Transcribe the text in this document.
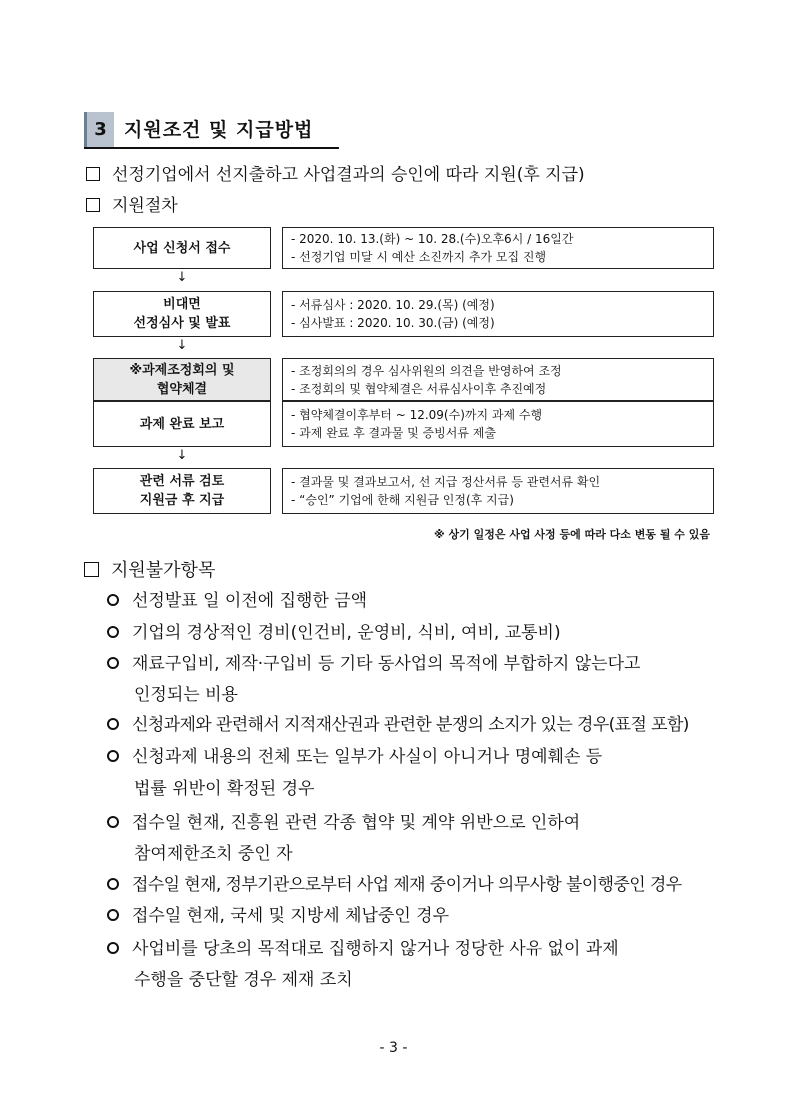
3 지원조건 및 지급방법
선정기업에서 선지출하고 사업결과의 승인에 따라 지원(후 지급)
지원절차
사업 신청서 접수
- 2020. 10. 13.(화) ~ 10. 28.(수)오후6시 / 16일간
- 선정기업 미달 시 예산 소진까지 추가 모집 진행
↓
비대면
선정심사 및 발표
- 서류심사 : 2020. 10. 29.(목) (예정)
- 심사발표 : 2020. 10. 30.(금) (예정)
↓
※과제조정회의 및
협약체결
- 조정회의의 경우 심사위원의 의견을 반영하여 조정
- 조정회의 및 협약체결은 서류심사이후 추진예정
과제 완료 보고
- 협약체결이후부터 ~ 12.09(수)까지 과제 수행
- 과제 완료 후 결과물 및 증빙서류 제출
↓
관련 서류 검토
지원금 후 지급
- 결과물 및 결과보고서, 선 지급 정산서류 등 관련서류 확인
- “승인” 기업에 한해 지원금 인정(후 지급)
※ 상기 일정은 사업 사정 등에 따라 다소 변동 될 수 있음
지원불가항목
선정발표 일 이전에 집행한 금액
기업의 경상적인 경비(인건비, 운영비, 식비, 여비, 교통비)
재료구입비, 제작·구입비 등 기타 동사업의 목적에 부합하지 않는다고
인정되는 비용
신청과제와 관련해서 지적재산권과 관련한 분쟁의 소지가 있는 경우(표절 포함)
신청과제 내용의 전체 또는 일부가 사실이 아니거나 명예훼손 등
법률 위반이 확정된 경우
접수일 현재, 진흥원 관련 각종 협약 및 계약 위반으로 인하여
참여제한조치 중인 자
접수일 현재, 정부기관으로부터 사업 제재 중이거나 의무사항 불이행중인 경우
접수일 현재, 국세 및 지방세 체납중인 경우
사업비를 당초의 목적대로 집행하지 않거나 정당한 사유 없이 과제
수행을 중단할 경우 제재 조치
- 3 -
